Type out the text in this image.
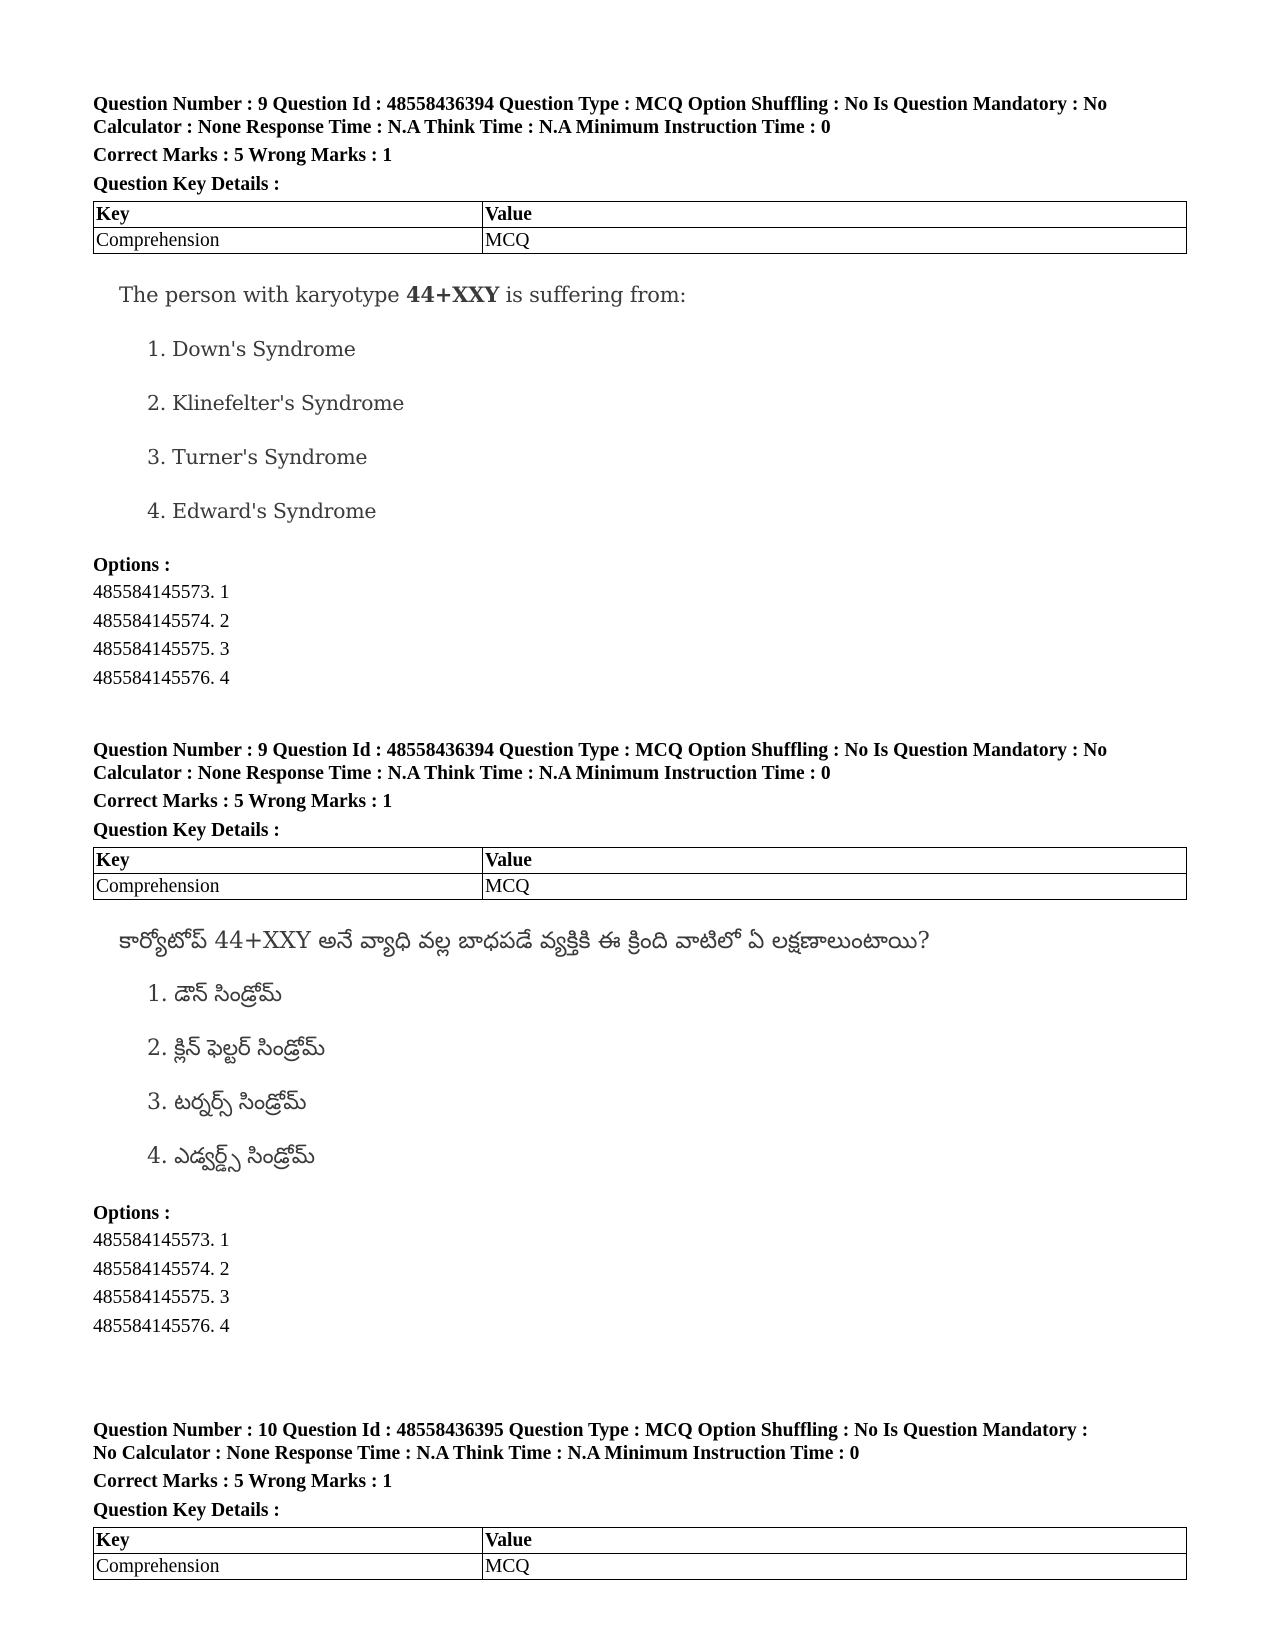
Question Number : 9 Question Id : 48558436394 Question Type : MCQ Option Shuffling : No Is Question Mandatory : No
Calculator : None Response Time : N.A Think Time : N.A Minimum Instruction Time : 0
Correct Marks : 5 Wrong Marks : 1
Question Key Details :
Key	Value
Comprehension	MCQ
The person with karyotype 44+XXY is suffering from:
1. Down's Syndrome
2. Klinefelter's Syndrome
3. Turner's Syndrome
4. Edward's Syndrome
Options :
485584145573. 1
485584145574. 2
485584145575. 3
485584145576. 4
Question Number : 9 Question Id : 48558436394 Question Type : MCQ Option Shuffling : No Is Question Mandatory : No
Calculator : None Response Time : N.A Think Time : N.A Minimum Instruction Time : 0
Correct Marks : 5 Wrong Marks : 1
Question Key Details :
Key	Value
Comprehension	MCQ
కార్యోటోప్ 44+XXY అనే వ్యాధి వల్ల బాధపడే వ్యక్తికి ఈ క్రింది వాటిలో ఏ లక్షణాలుంటాయి?
1. డౌన్ సిండ్రోమ్
2. క్లిన్ ఫెల్టర్ సిండ్రోమ్
3. టర్నర్స్ సిండ్రోమ్
4. ఎడ్వర్డ్స్ సిండ్రోమ్
Options :
485584145573. 1
485584145574. 2
485584145575. 3
485584145576. 4
Question Number : 10 Question Id : 48558436395 Question Type : MCQ Option Shuffling : No Is Question Mandatory :
No Calculator : None Response Time : N.A Think Time : N.A Minimum Instruction Time : 0
Correct Marks : 5 Wrong Marks : 1
Question Key Details :
Key	Value
Comprehension	MCQ
